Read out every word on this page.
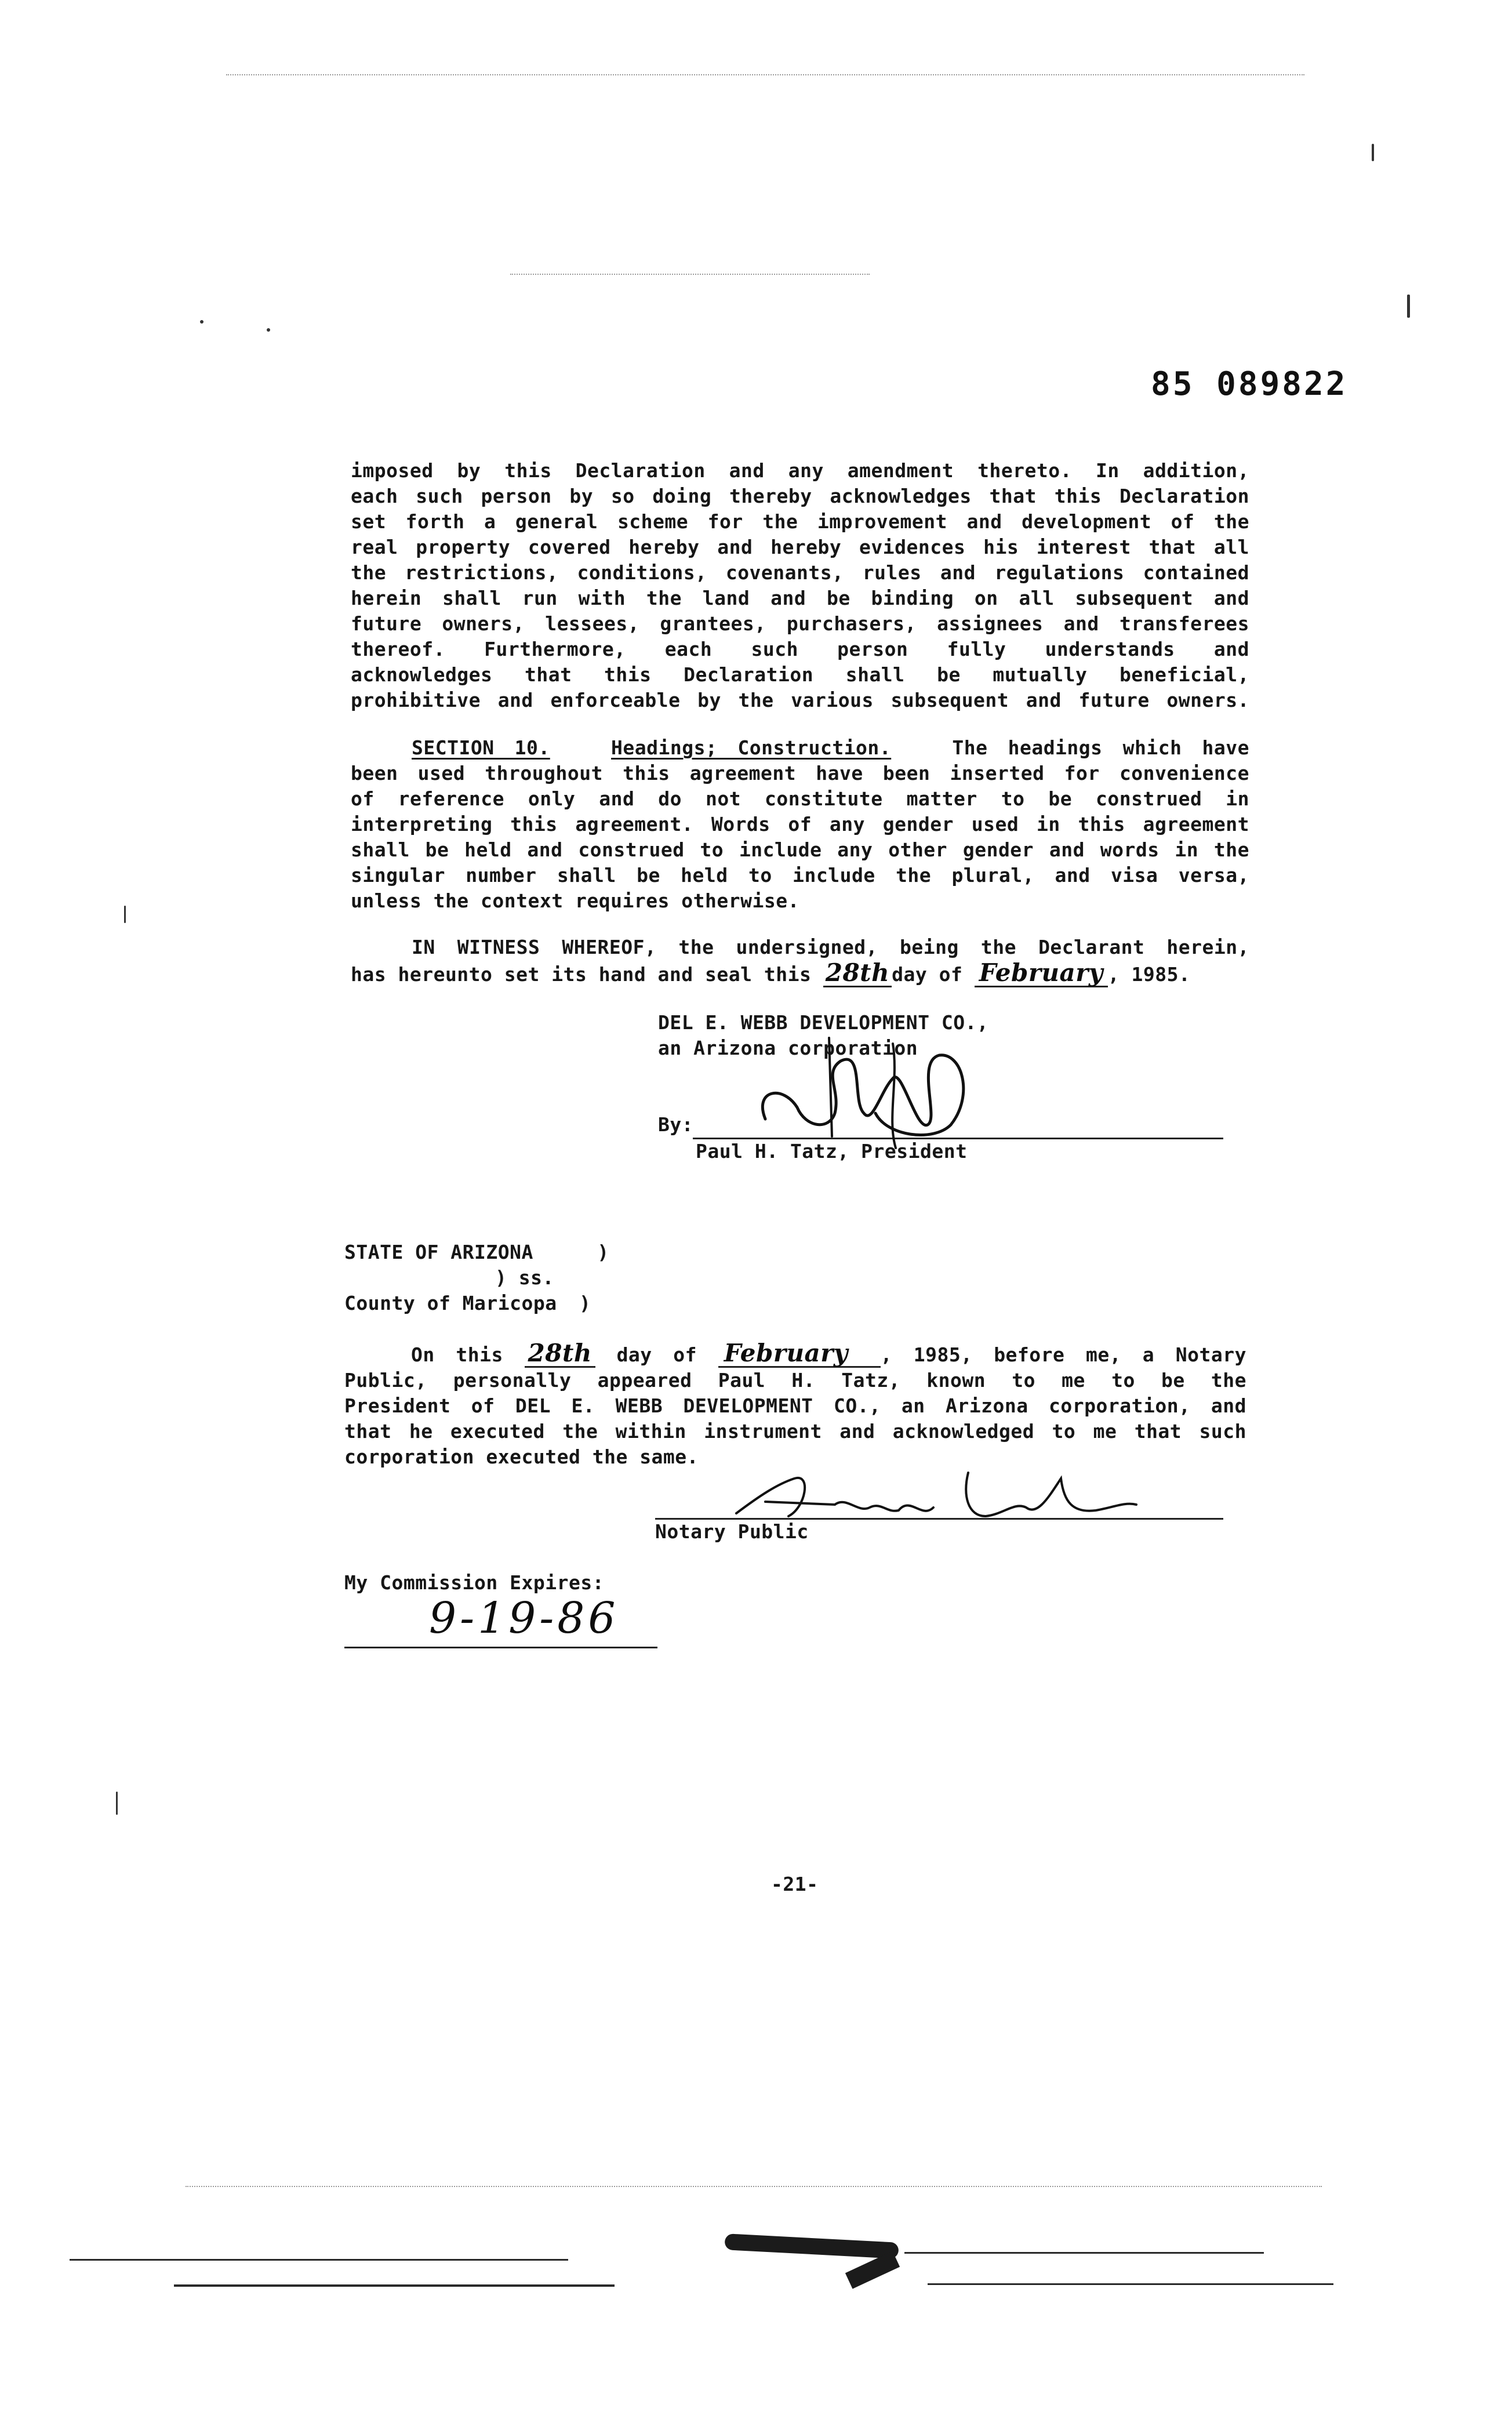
85 089822
imposed by this Declaration and any amendment thereto. In addition,
each such person by so doing thereby acknowledges that this Declaration
set forth a general scheme for the improvement and development of the
real property covered hereby and hereby evidences his interest that all
the restrictions, conditions, covenants, rules and regulations contained
herein shall run with the land and be binding on all subsequent and
future owners, lessees, grantees, purchasers, assignees and transferees
thereof. Furthermore, each such person fully understands and
acknowledges that this Declaration shall be mutually beneficial,
prohibitive and enforceable by the various subsequent and future owners.
SECTION 10.	Headings; Construction.	The headings which have
been used throughout this agreement have been inserted for convenience
of reference only and do not constitute matter to be construed in
interpreting this agreement. Words of any gender used in this agreement
shall be held and construed to include any other gender and words in the
singular number shall be held to include the plural, and visa versa,
unless the context requires otherwise.
IN WITNESS WHEREOF, the undersigned, being the Declarant herein,
has hereunto set its hand and seal this 28th day of February , 1985.
DEL E. WEBB DEVELOPMENT CO.,
an Arizona corporation
By:
Paul H. Tatz, President
STATE OF ARIZONA	)
) ss.
County of Maricopa )
On this 28th day of February , 1985, before me, a Notary
Public, personally appeared Paul H. Tatz, known to me to be the
President of DEL E. WEBB DEVELOPMENT CO., an Arizona corporation, and
that he executed the within instrument and acknowledged to me that such
corporation executed the same.
Notary Public
My Commission Expires:
9-19-86
-21-
